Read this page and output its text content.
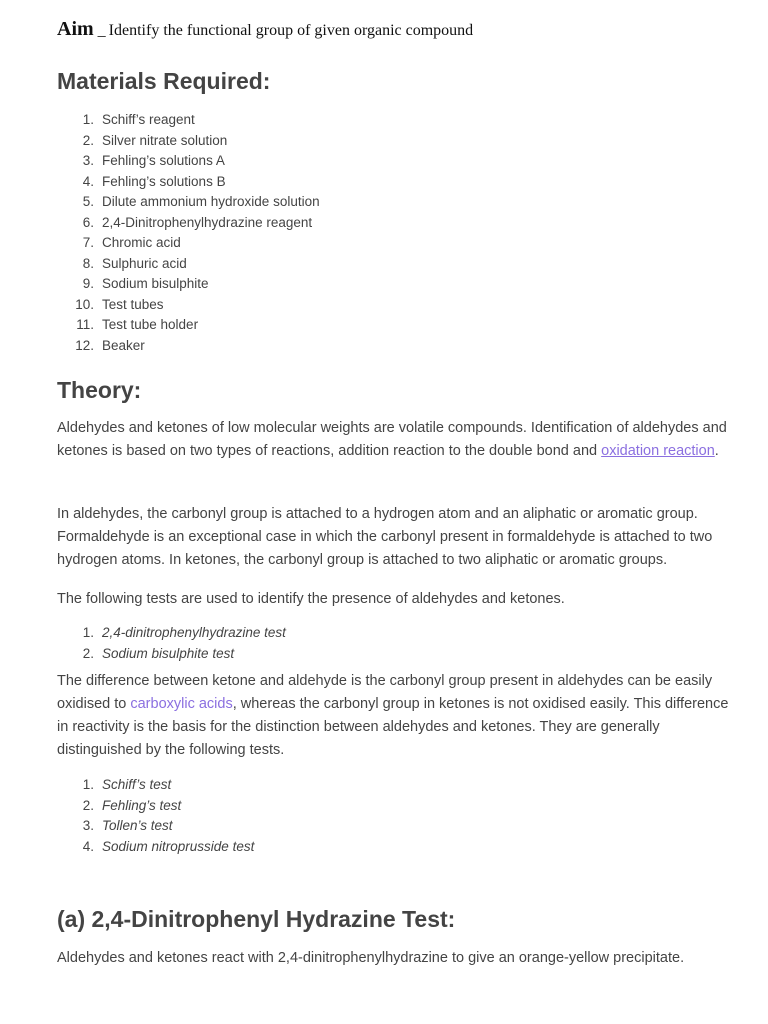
Aim _ Identify the functional group of given organic compound
Materials Required:
1. Schiff’s reagent
2. Silver nitrate solution
3. Fehling’s solutions A
4. Fehling’s solutions B
5. Dilute ammonium hydroxide solution
6. 2,4-Dinitrophenylhydrazine reagent
7. Chromic acid
8. Sulphuric acid
9. Sodium bisulphite
10. Test tubes
11. Test tube holder
12. Beaker
Theory:

Aldehydes and ketones of low molecular weights are volatile compounds. Identification of aldehydes and ketones is based on two types of reactions, addition reaction to the double bond and oxidation reaction.

In aldehydes, the carbonyl group is attached to a hydrogen atom and an aliphatic or aromatic group. Formaldehyde is an exceptional case in which the carbonyl present in formaldehyde is attached to two hydrogen atoms. In ketones, the carbonyl group is attached to two aliphatic or aromatic groups.

The following tests are used to identify the presence of aldehydes and ketones.

1. 2,4-dinitrophenylhydrazine test
2. Sodium bisulphite test

The difference between ketone and aldehyde is the carbonyl group present in aldehydes can be easily oxidised to carboxylic acids, whereas the carbonyl group in ketones is not oxidised easily. This difference in reactivity is the basis for the distinction between aldehydes and ketones. They are generally distinguished by the following tests.

1. Schiff’s test
2. Fehling’s test
3. Tollen’s test
4. Sodium nitroprusside test
(a) 2,4-Dinitrophenyl Hydrazine Test:

Aldehydes and ketones react with 2,4-dinitrophenylhydrazine to give an orange-yellow precipitate.
